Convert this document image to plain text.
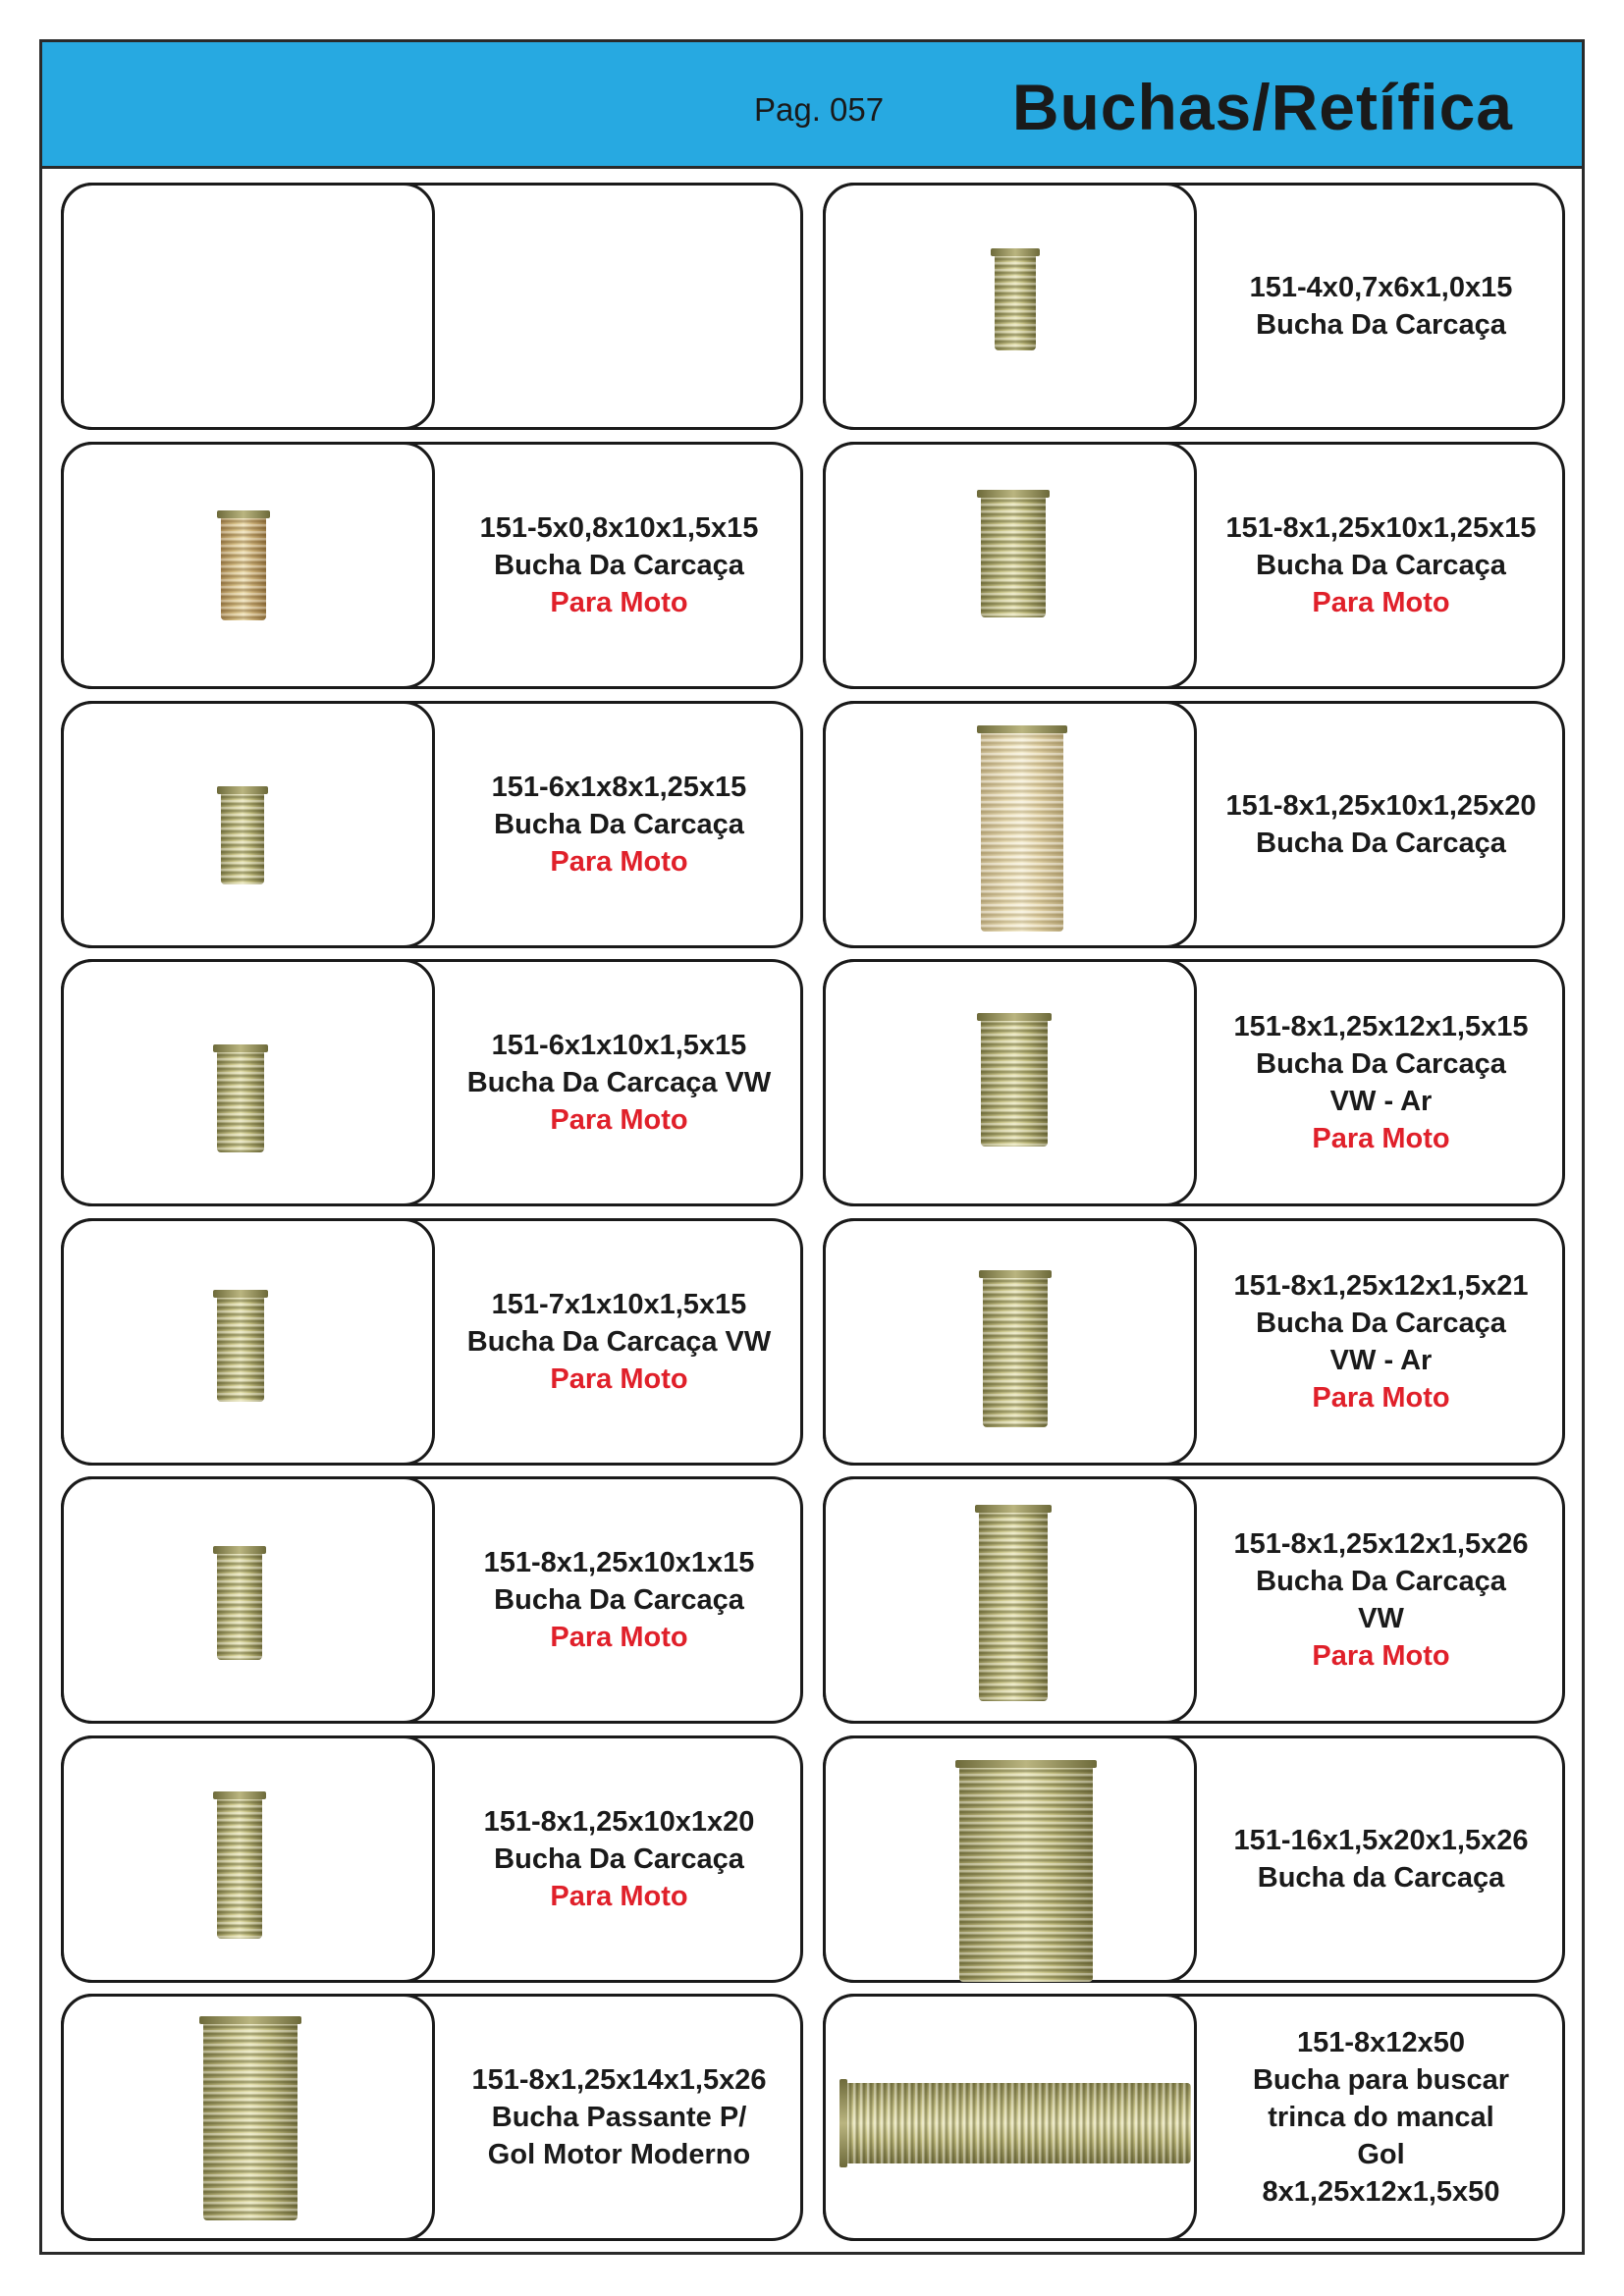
Pag. 057 Buchas/Retífica
151-5x0,8x10x1,5x15
Bucha Da Carcaça
Para Moto
151-6x1x8x1,25x15
Bucha Da Carcaça
Para Moto
151-6x1x10x1,5x15
Bucha Da Carcaça VW
Para Moto
151-7x1x10x1,5x15
Bucha Da Carcaça VW
Para Moto
151-8x1,25x10x1x15
Bucha Da Carcaça
Para Moto
151-8x1,25x10x1x20
Bucha Da Carcaça
Para Moto
151-8x1,25x14x1,5x26
Bucha Passante P/
Gol Motor Moderno
151-4x0,7x6x1,0x15
Bucha Da Carcaça
151-8x1,25x10x1,25x15
Bucha Da Carcaça
Para Moto
151-8x1,25x10x1,25x20
Bucha Da Carcaça
151-8x1,25x12x1,5x15
Bucha Da Carcaça
VW - Ar
Para Moto
151-8x1,25x12x1,5x21
Bucha Da Carcaça
VW - Ar
Para Moto
151-8x1,25x12x1,5x26
Bucha Da Carcaça
VW
Para Moto
151-16x1,5x20x1,5x26
Bucha da Carcaça
151-8x12x50
Bucha para buscar
trinca do mancal
Gol
8x1,25x12x1,5x50
